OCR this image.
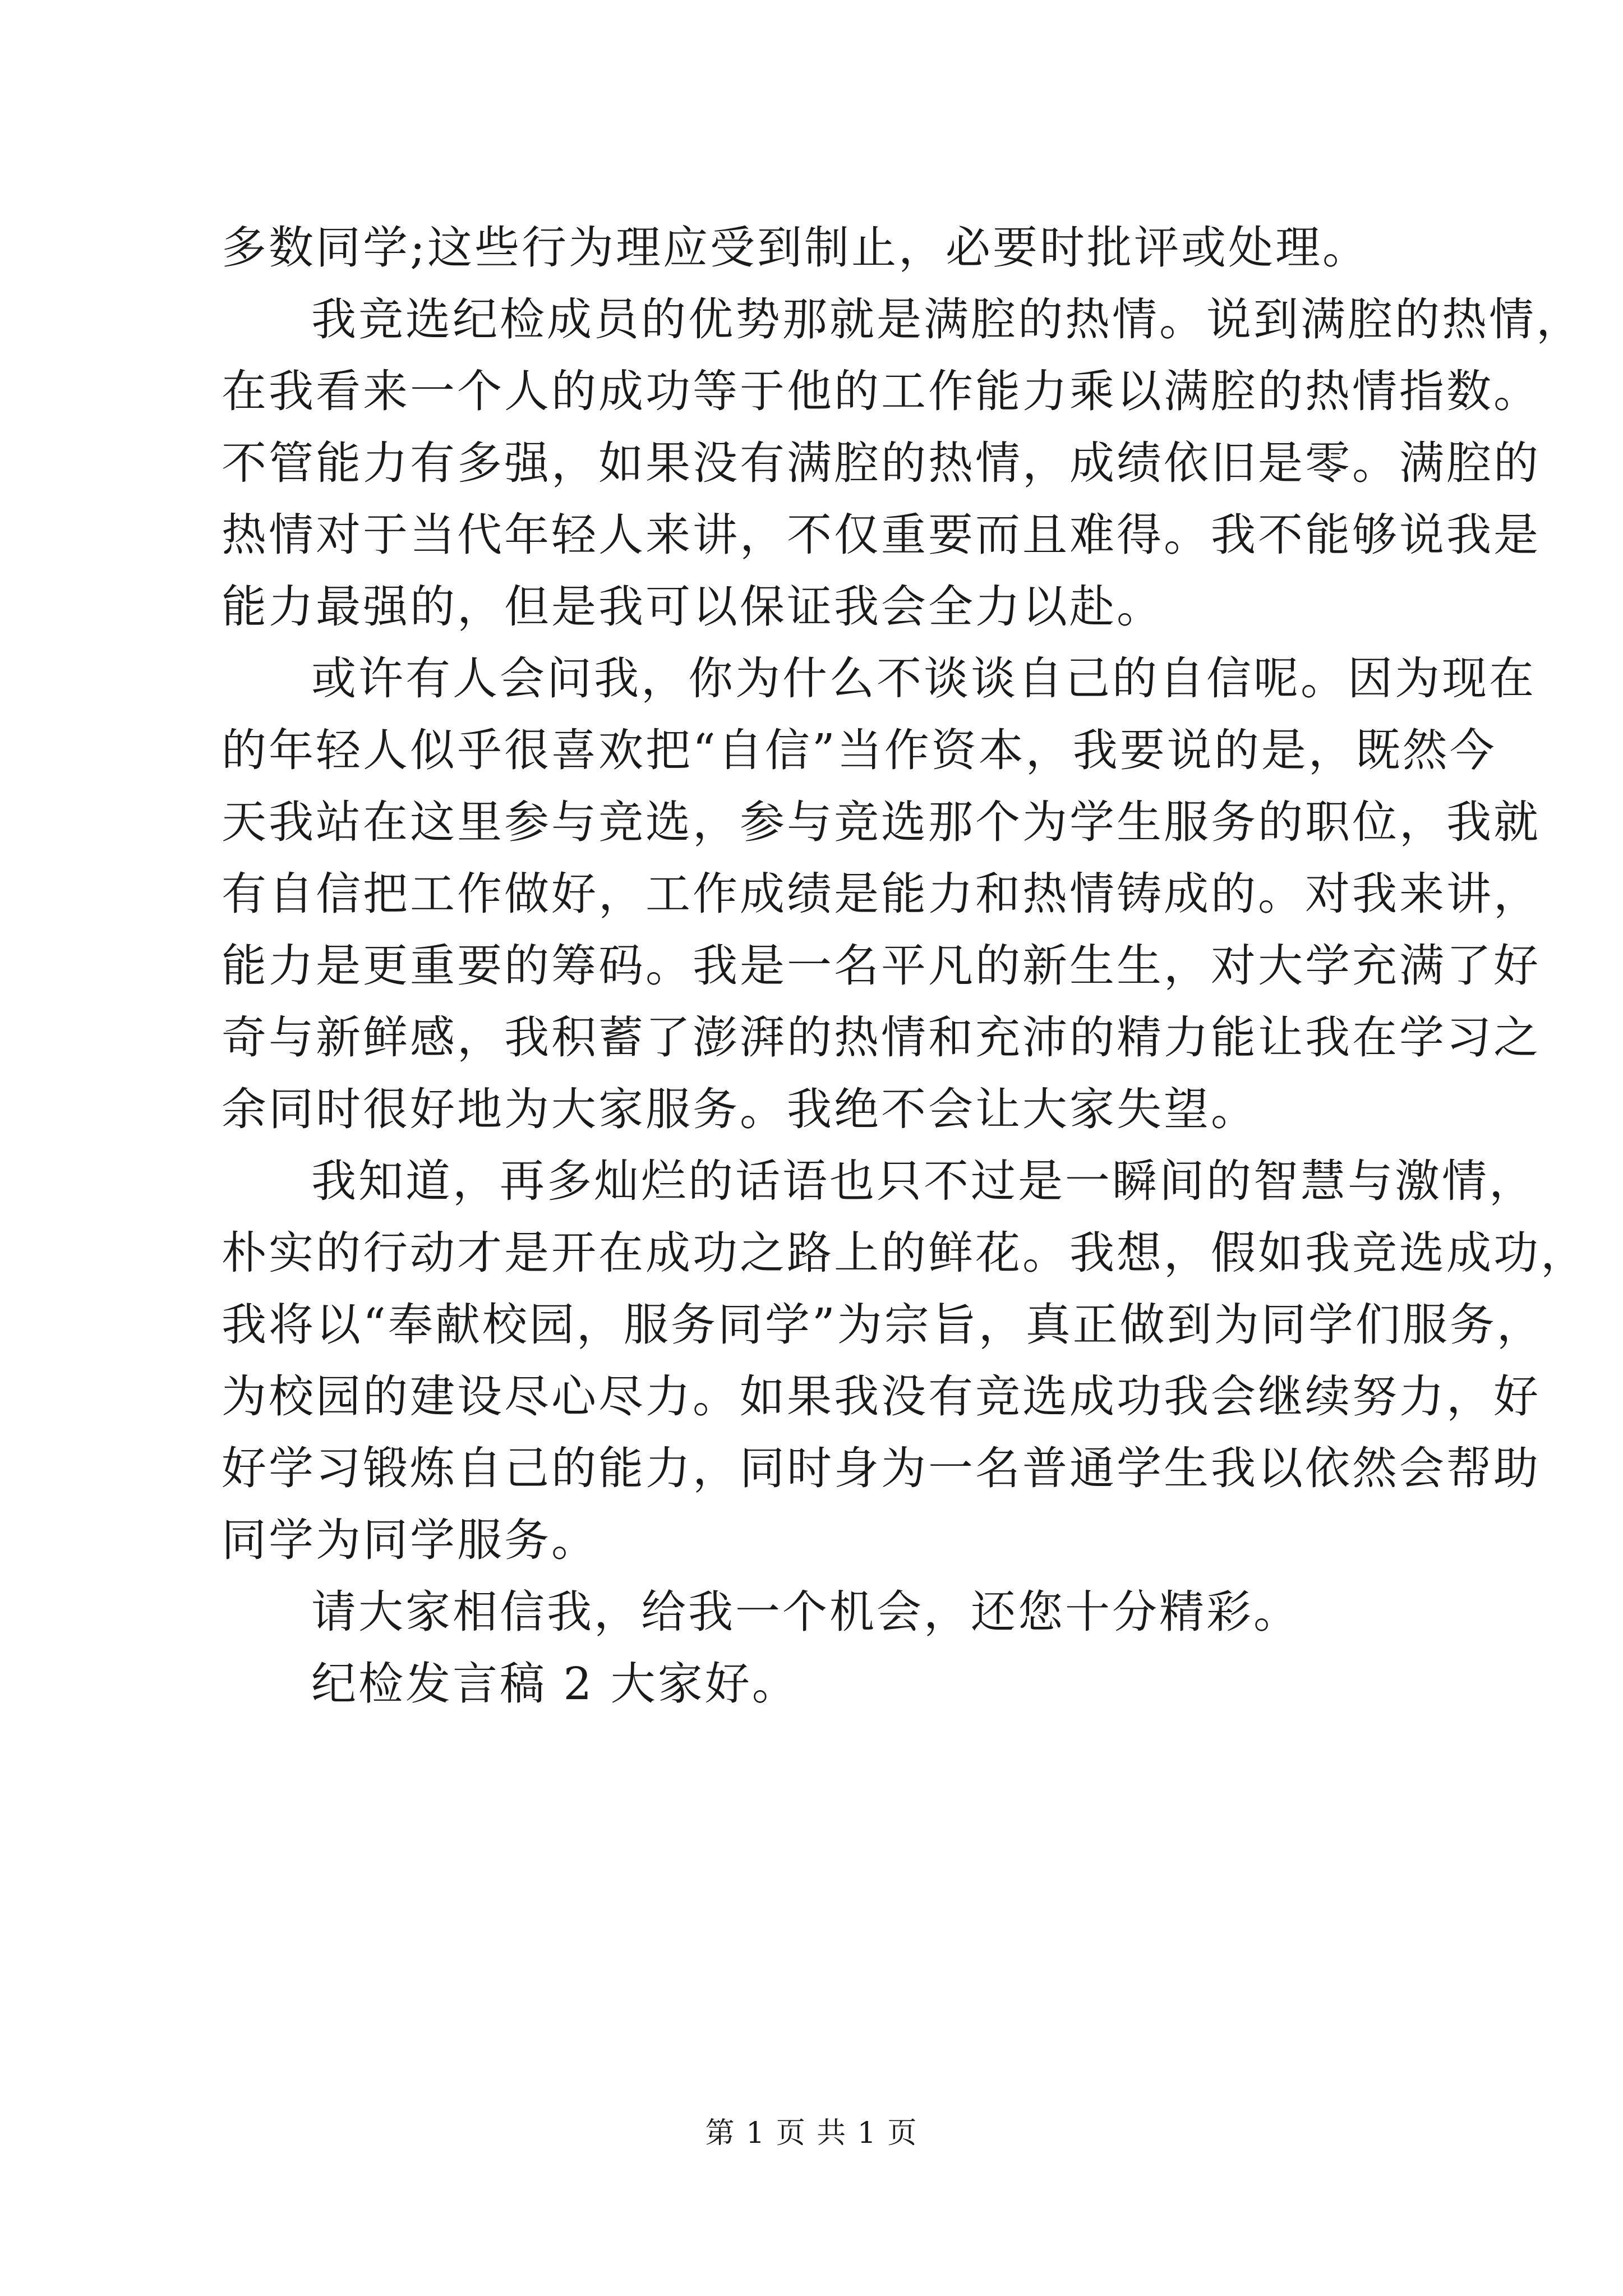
多数同学;这些行为理应受到制止，必要时批评或处理。
我竞选纪检成员的优势那就是满腔的热情。说到满腔的热情，
在我看来一个人的成功等于他的工作能力乘以满腔的热情指数。
不管能力有多强，如果没有满腔的热情，成绩依旧是零。满腔的
热情对于当代年轻人来讲，不仅重要而且难得。我不能够说我是
能力最强的，但是我可以保证我会全力以赴。
或许有人会问我，你为什么不谈谈自己的自信呢。因为现在
的年轻人似乎很喜欢把“自信”当作资本，我要说的是，既然今
天我站在这里参与竞选，参与竞选那个为学生服务的职位，我就
有自信把工作做好，工作成绩是能力和热情铸成的。对我来讲，
能力是更重要的筹码。我是一名平凡的新生生，对大学充满了好
奇与新鲜感，我积蓄了澎湃的热情和充沛的精力能让我在学习之
余同时很好地为大家服务。我绝不会让大家失望。
我知道，再多灿烂的话语也只不过是一瞬间的智慧与激情，
朴实的行动才是开在成功之路上的鲜花。我想，假如我竞选成功，
我将以“奉献校园，服务同学”为宗旨，真正做到为同学们服务，
为校园的建设尽心尽力。如果我没有竞选成功我会继续努力，好
好学习锻炼自己的能力，同时身为一名普通学生我以依然会帮助
同学为同学服务。
请大家相信我，给我一个机会，还您十分精彩。
纪检发言稿 2 大家好。
第 1 页 共 1 页
